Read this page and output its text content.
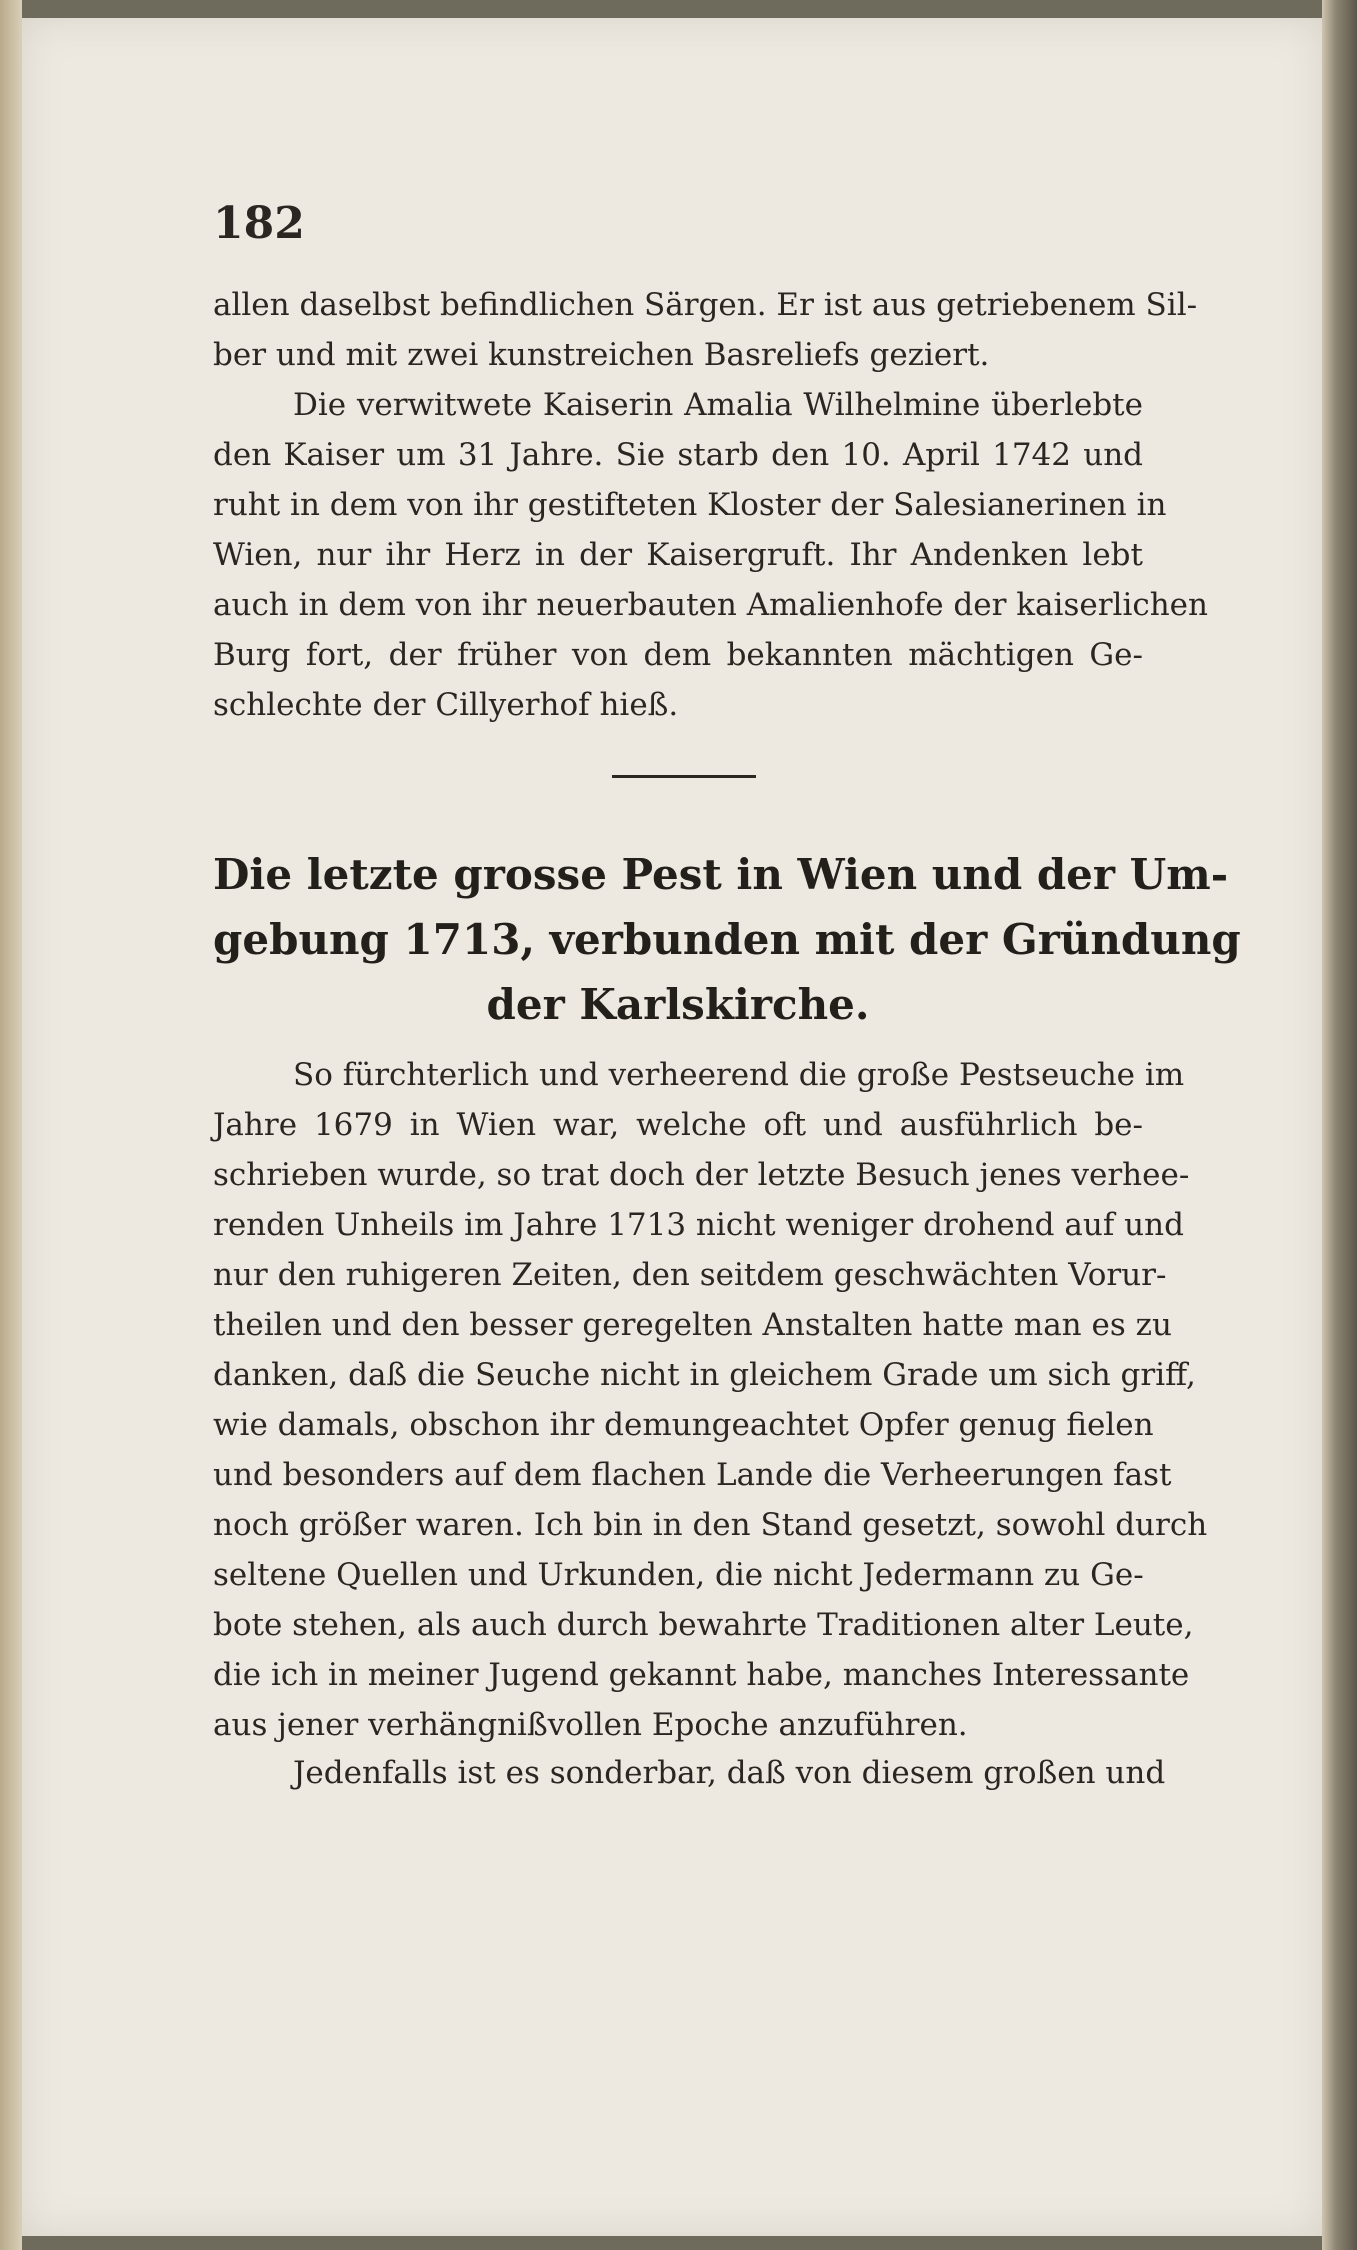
182
allen daselbst befindlichen Särgen. Er ist aus getriebenem Sil-
ber und mit zwei kunstreichen Basreliefs geziert.
Die verwitwete Kaiserin Amalia Wilhelmine überlebte
den Kaiser um 31 Jahre. Sie starb den 10. April 1742 und
ruht in dem von ihr gestifteten Kloster der Salesianerinen in
Wien, nur ihr Herz in der Kaisergruft. Ihr Andenken lebt
auch in dem von ihr neuerbauten Amalienhofe der kaiserlichen
Burg fort, der früher von dem bekannten mächtigen Ge-
schlechte der Cillyerhof hieß.
Die letzte grosse Pest in Wien und der Um-
gebung 1713, verbunden mit der Gründung
der Karlskirche.
So fürchterlich und verheerend die große Pestseuche im
Jahre 1679 in Wien war, welche oft und ausführlich be-
schrieben wurde, so trat doch der letzte Besuch jenes verhee-
renden Unheils im Jahre 1713 nicht weniger drohend auf und
nur den ruhigeren Zeiten, den seitdem geschwächten Vorur-
theilen und den besser geregelten Anstalten hatte man es zu
danken, daß die Seuche nicht in gleichem Grade um sich griff,
wie damals, obschon ihr demungeachtet Opfer genug fielen
und besonders auf dem flachen Lande die Verheerungen fast
noch größer waren. Ich bin in den Stand gesetzt, sowohl durch
seltene Quellen und Urkunden, die nicht Jedermann zu Ge-
bote stehen, als auch durch bewahrte Traditionen alter Leute,
die ich in meiner Jugend gekannt habe, manches Interessante
aus jener verhängnißvollen Epoche anzuführen.
Jedenfalls ist es sonderbar, daß von diesem großen und
